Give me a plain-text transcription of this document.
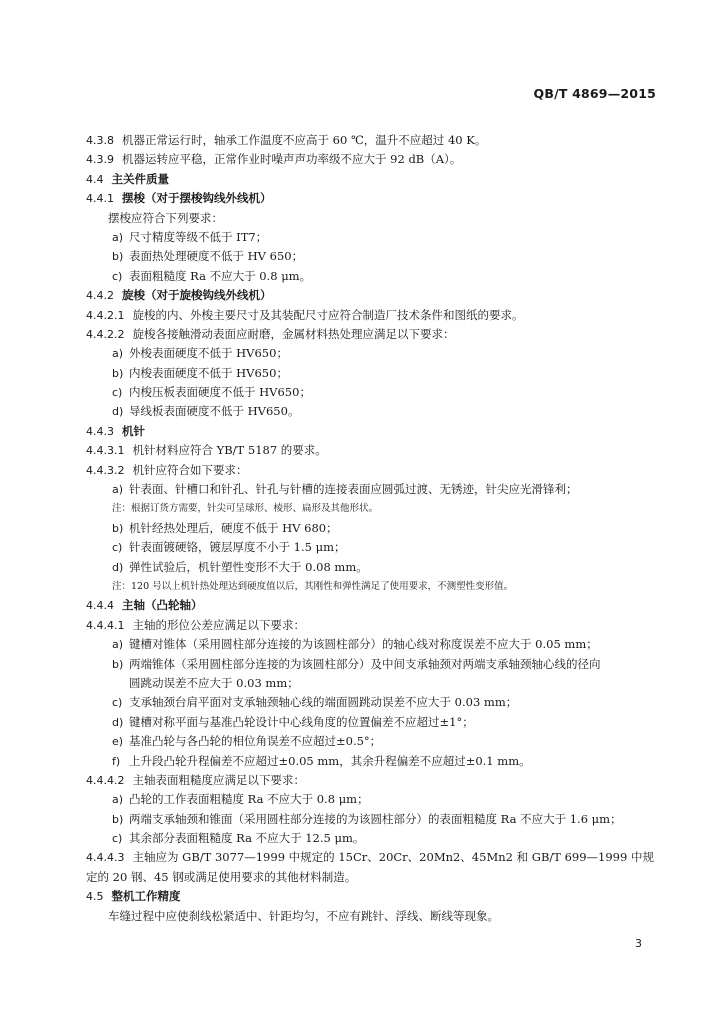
QB/T 4869—2015
4.3.8 机器正常运行时，轴承工作温度不应高于 60 ℃，温升不应超过 40 K。
4.3.9 机器运转应平稳，正常作业时噪声声功率级不应大于 92 dB（A）。
4.4 主关件质量
4.4.1 摆梭（对于摆梭钩线外线机）
摆梭应符合下列要求：
a) 尺寸精度等级不低于 IT7；
b) 表面热处理硬度不低于 HV 650；
c) 表面粗糙度 Ra 不应大于 0.8 μm。
4.4.2 旋梭（对于旋梭钩线外线机）
4.4.2.1 旋梭的内、外梭主要尺寸及其装配尺寸应符合制造厂技术条件和图纸的要求。
4.4.2.2 旋梭各接触滑动表面应耐磨，金属材料热处理应满足以下要求：
a) 外梭表面硬度不低于 HV650；
b) 内梭表面硬度不低于 HV650；
c) 内梭压板表面硬度不低于 HV650；
d) 导线板表面硬度不低于 HV650。
4.4.3 机针
4.4.3.1 机针材料应符合 YB/T 5187 的要求。
4.4.3.2 机针应符合如下要求：
a) 针表面、针槽口和针孔、针孔与针槽的连接表面应圆弧过渡、无锈迹，针尖应光滑锋利；
注：根据订货方需要，针尖可呈球形、棱形、扁形及其他形状。
b) 机针经热处理后，硬度不低于 HV 680；
c) 针表面镀硬铬，镀层厚度不小于 1.5 μm；
d) 弹性试验后，机针塑性变形不大于 0.08 mm。
注：120 号以上机针热处理达到硬度值以后，其刚性和弹性满足了使用要求，不测塑性变形值。
4.4.4 主轴（凸轮轴）
4.4.4.1 主轴的形位公差应满足以下要求：
a) 键槽对锥体（采用圆柱部分连接的为该圆柱部分）的轴心线对称度误差不应大于 0.05 mm；
b) 两端锥体（采用圆柱部分连接的为该圆柱部分）及中间支承轴颈对两端支承轴颈轴心线的径向
圆跳动误差不应大于 0.03 mm；
c) 支承轴颈台肩平面对支承轴颈轴心线的端面圆跳动误差不应大于 0.03 mm；
d) 键槽对称平面与基准凸轮设计中心线角度的位置偏差不应超过±1°；
e) 基准凸轮与各凸轮的相位角误差不应超过±0.5°；
f) 上升段凸轮升程偏差不应超过±0.05 mm，其余升程偏差不应超过±0.1 mm。
4.4.4.2 主轴表面粗糙度应满足以下要求：
a) 凸轮的工作表面粗糙度 Ra 不应大于 0.8 μm；
b) 两端支承轴颈和锥面（采用圆柱部分连接的为该圆柱部分）的表面粗糙度 Ra 不应大于 1.6 μm；
c) 其余部分表面粗糙度 Ra 不应大于 12.5 μm。
4.4.4.3 主轴应为 GB/T 3077—1999 中规定的 15Cr、20Cr、20Mn2、45Mn2 和 GB/T 699—1999 中规
定的 20 钢、45 钢或满足使用要求的其他材料制造。
4.5 整机工作精度
车缝过程中应使刹线松紧适中、针距均匀，不应有跳针、浮线、断线等现象。
3
